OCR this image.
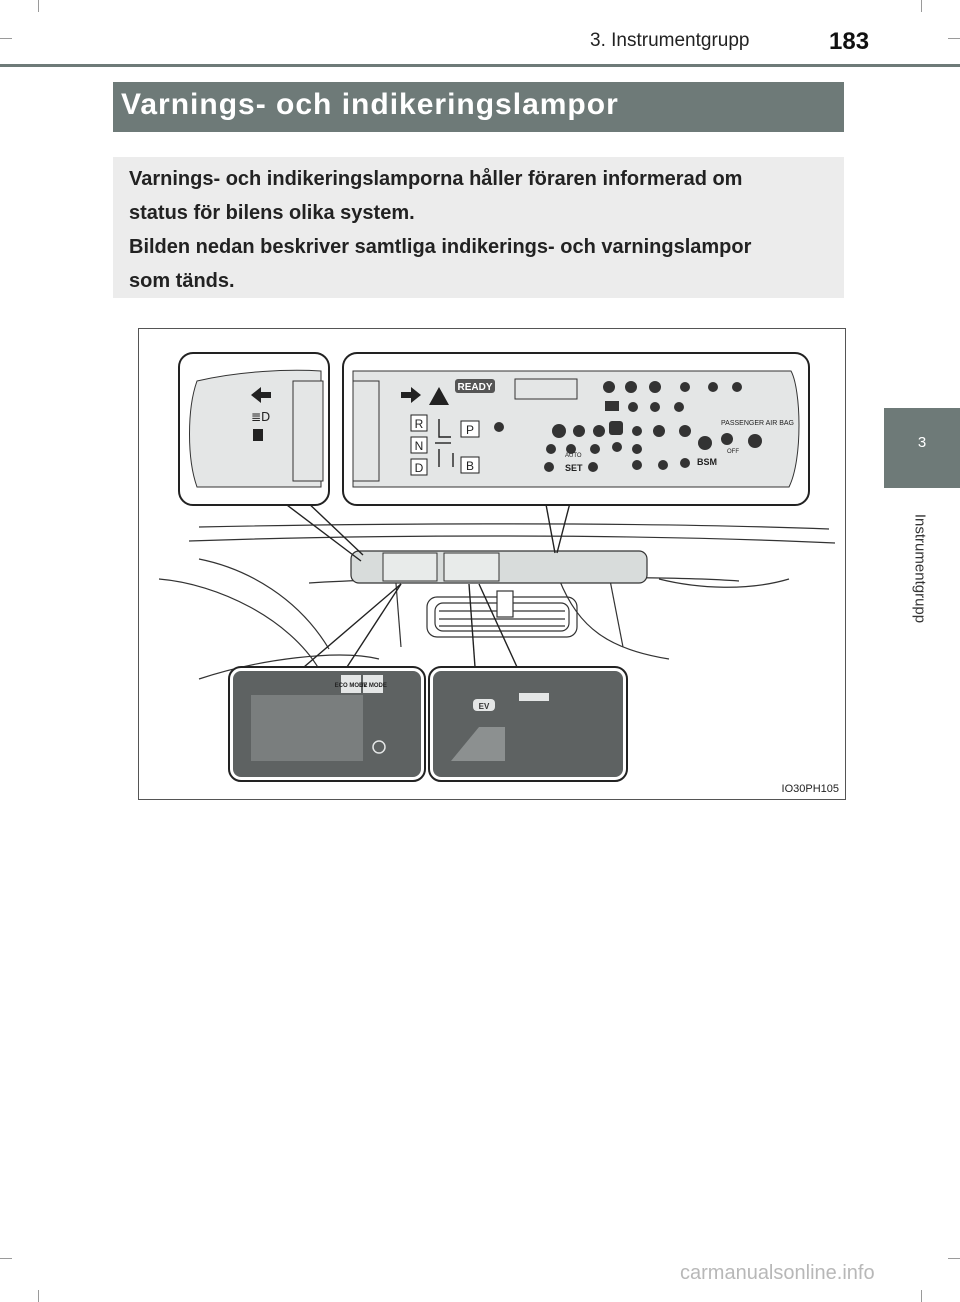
3. Instrumentgrupp	183
3
Instrumentgrupp
Varnings- och indikeringslampor

Varnings- och indikeringslamporna håller föraren informerad om

status för bilens olika system.

Bilden nedan beskriver samtliga indikerings- och varningslampor

som tänds.

≣D
READY
R
N
D
P
B
PASSENGER AIR BAG
BSM
SET
AUTO
OFF
ECO MODE
EV MODE
EV
IO30PH105
carmanualsonline.info
